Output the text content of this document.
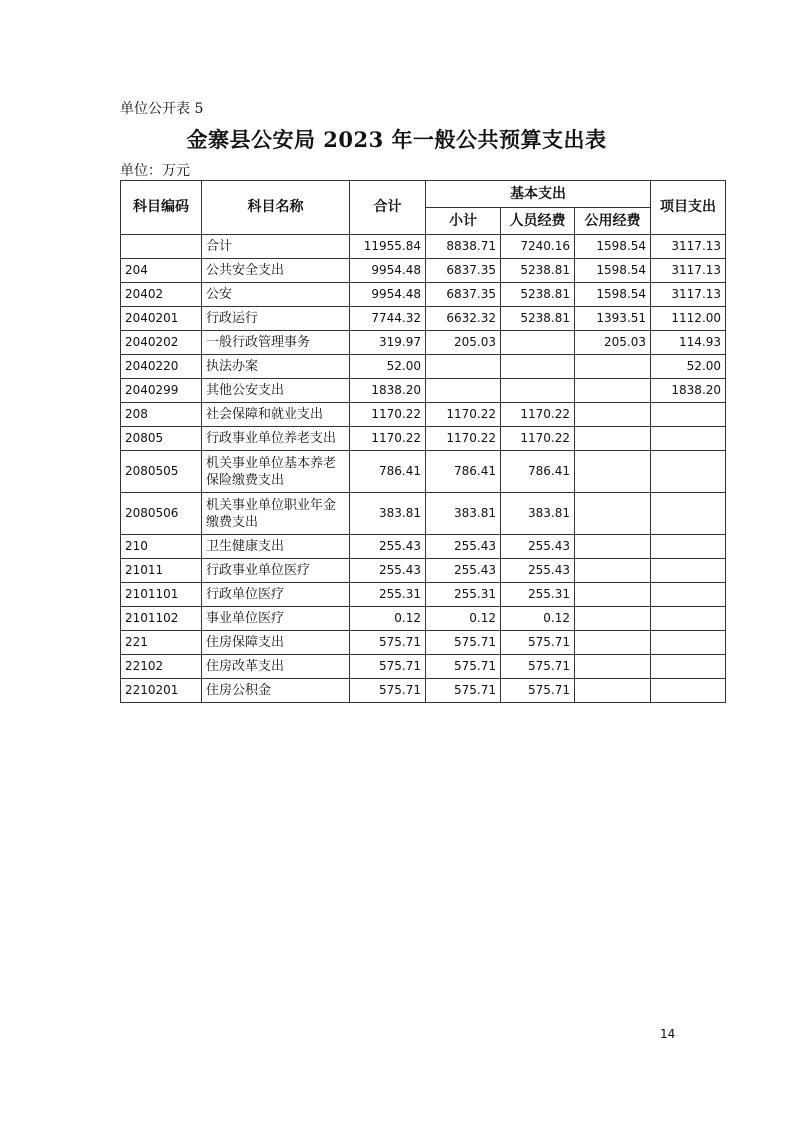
单位公开表 5
金寨县公安局 2023 年一般公共预算支出表
单位：万元
科目编码	科目名称	合计	基本支出			项目支出
			小计	人员经费	公用经费	
	合计	11955.84	8838.71	7240.16	1598.54	3117.13
204	公共安全支出	9954.48	6837.35	5238.81	1598.54	3117.13
20402	公安	9954.48	6837.35	5238.81	1598.54	3117.13
2040201	行政运行	7744.32	6632.32	5238.81	1393.51	1112.00
2040202	一般行政管理事务	319.97	205.03		205.03	114.93
2040220	执法办案	52.00				52.00
2040299	其他公安支出	1838.20				1838.20
208	社会保障和就业支出	1170.22	1170.22	1170.22		
20805	行政事业单位养老支出	1170.22	1170.22	1170.22		
2080505	机关事业单位基本养老保险缴费支出	786.41	786.41	786.41		
2080506	机关事业单位职业年金缴费支出	383.81	383.81	383.81		
210	卫生健康支出	255.43	255.43	255.43		
21011	行政事业单位医疗	255.43	255.43	255.43		
2101101	行政单位医疗	255.31	255.31	255.31		
2101102	事业单位医疗	0.12	0.12	0.12		
221	住房保障支出	575.71	575.71	575.71		
22102	住房改革支出	575.71	575.71	575.71		
2210201	住房公积金	575.71	575.71	575.71		
14
